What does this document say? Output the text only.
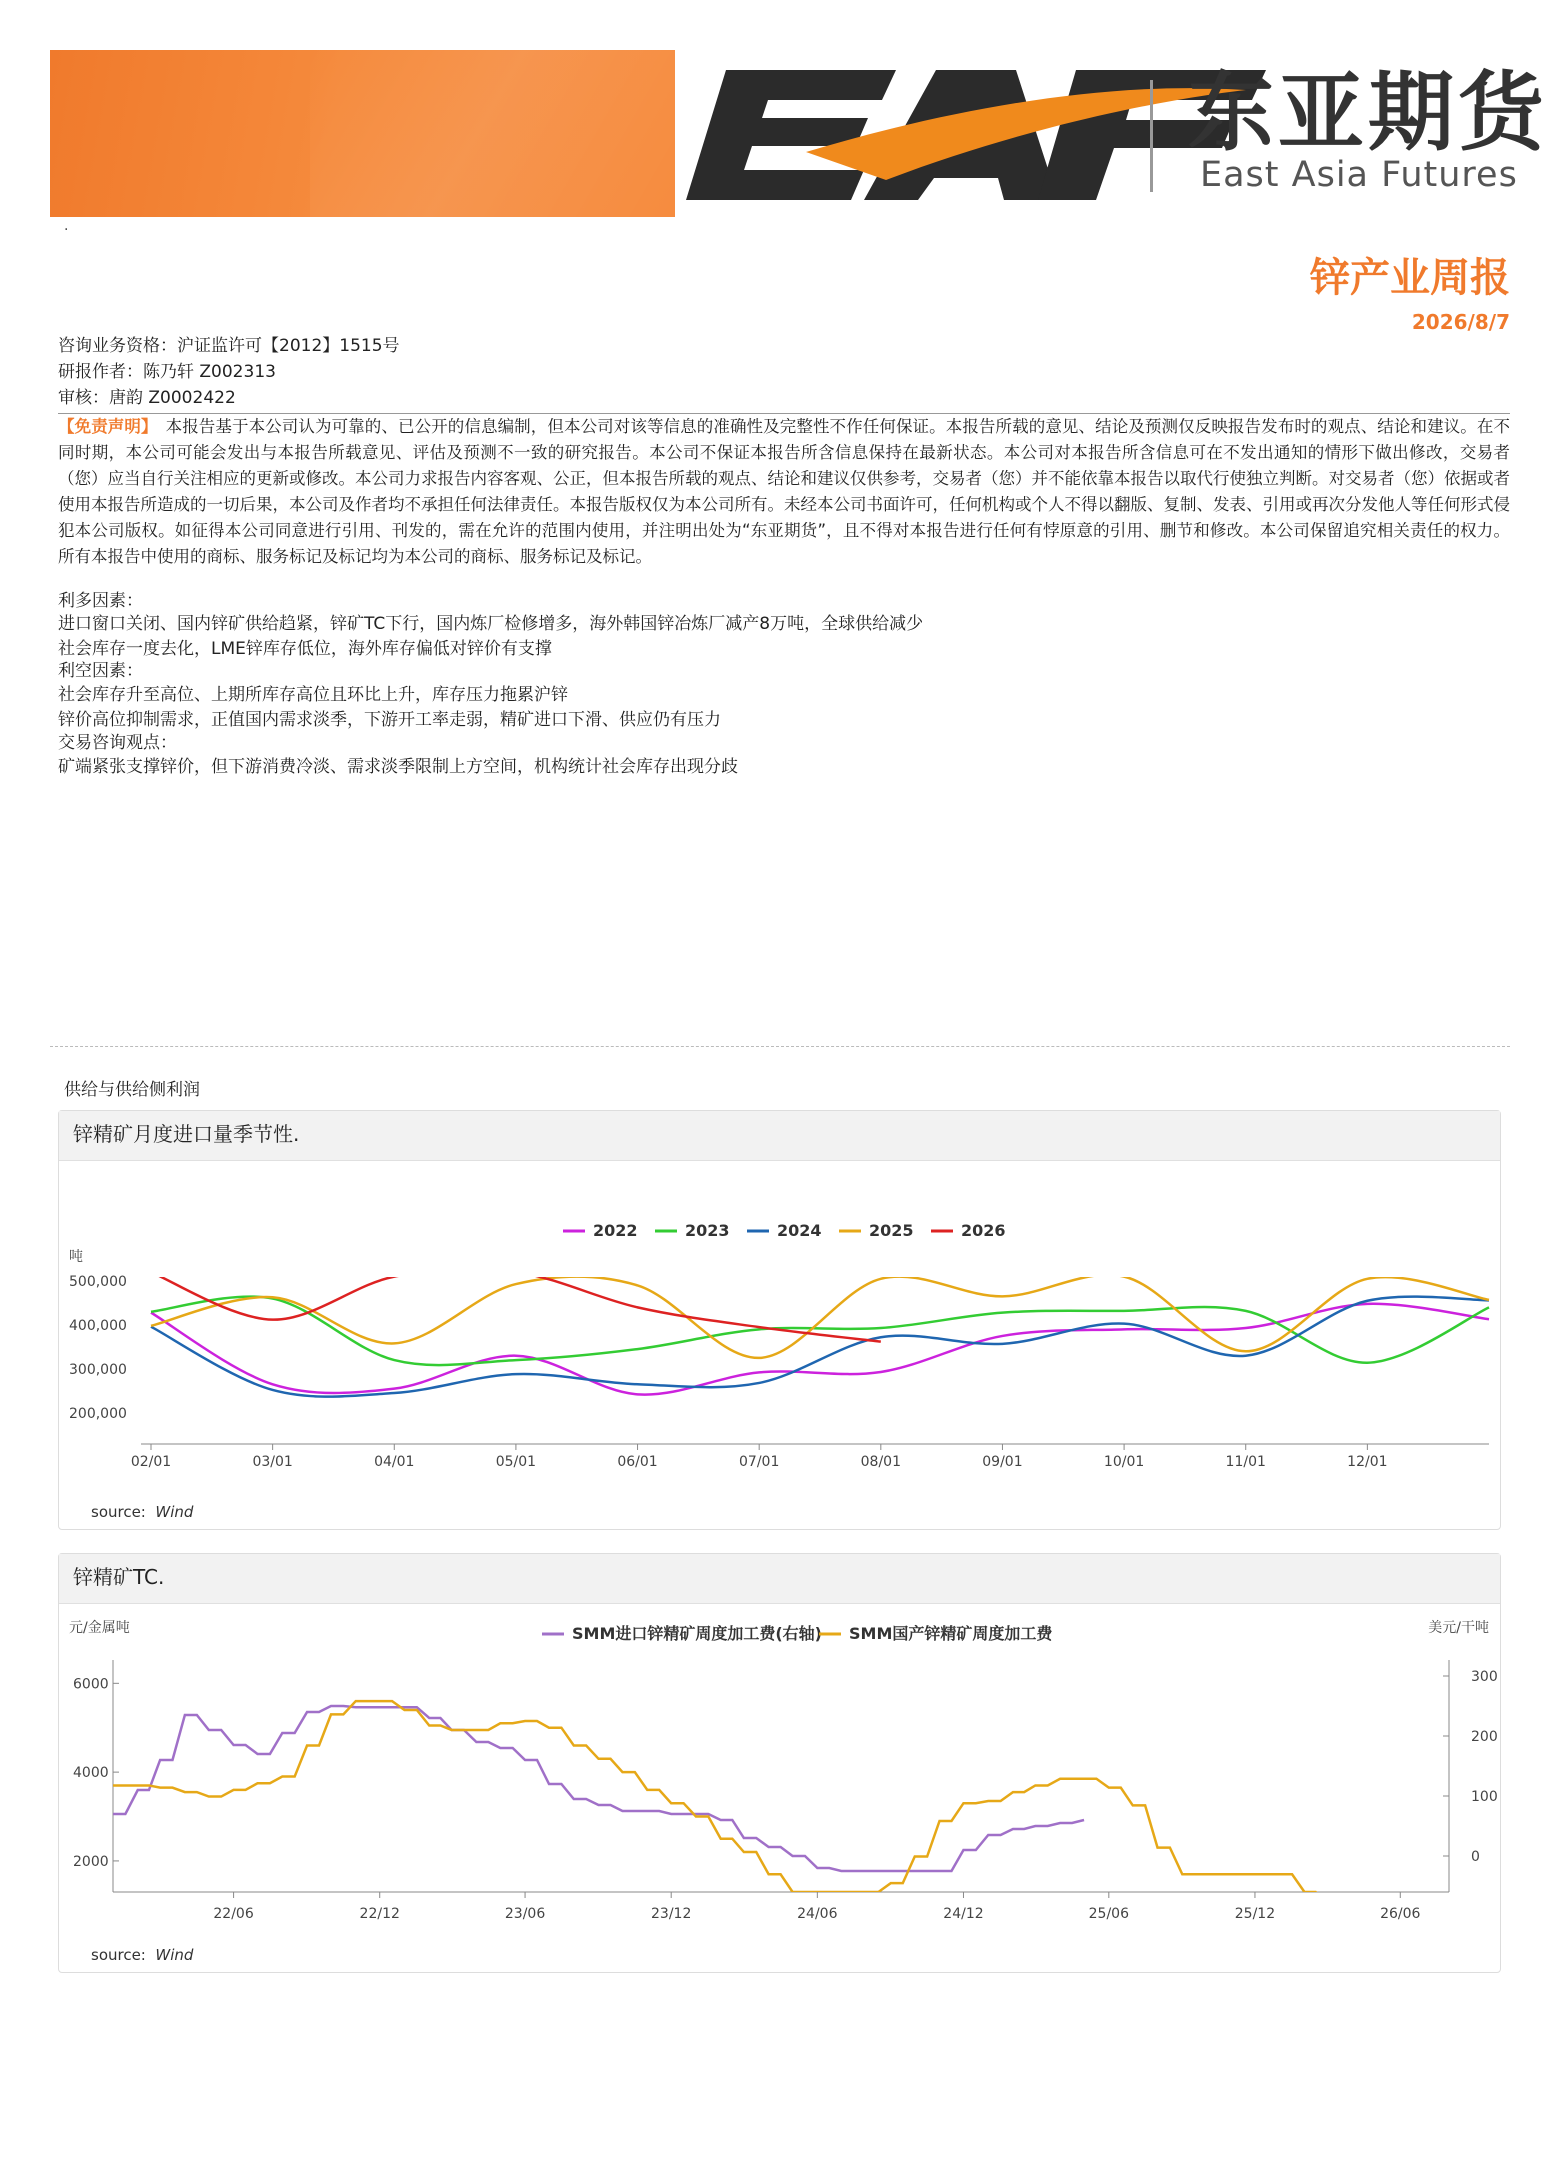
EAF	东亚期货
East Asia Futures
·
锌产业周报
2026/8/7
咨询业务资格：沪证监许可【2012】1515号
研报作者：陈乃轩 Z002313
审核：唐韵 Z0002422
【免责声明】 本报告基于本公司认为可靠的、已公开的信息编制，但本公司对该等信息的准确性及完整性不作任何保证。本报告所载的意见、结论及预测仅反映报告发布时的观点、结论和建议。在不同时期，本公司可能会发出与本报告所载意见、评估及预测不一致的研究报告。本公司不保证本报告所含信息保持在最新状态。本公司对本报告所含信息可在不发出通知的情形下做出修改，交易者（您）应当自行关注相应的更新或修改。本公司力求报告内容客观、公正，但本报告所载的观点、结论和建议仅供参考，交易者（您）并不能依靠本报告以取代行使独立判断。对交易者（您）依据或者使用本报告所造成的一切后果，本公司及作者均不承担任何法律责任。本报告版权仅为本公司所有。未经本公司书面许可，任何机构或个人不得以翻版、复制、发表、引用或再次分发他人等任何形式侵犯本公司版权。如征得本公司同意进行引用、刊发的，需在允许的范围内使用，并注明出处为“东亚期货”，且不得对本报告进行任何有悖原意的引用、删节和修改。本公司保留追究相关责任的权力。所有本报告中使用的商标、服务标记及标记均为本公司的商标、服务标记及标记。
利多因素：
进口窗口关闭、国内锌矿供给趋紧，锌矿TC下行，国内炼厂检修增多，海外韩国锌冶炼厂减产8万吨，全球供给减少
社会库存一度去化，LME锌库存低位，海外库存偏低对锌价有支撑
利空因素：
社会库存升至高位、上期所库存高位且环比上升，库存压力拖累沪锌
锌价高位抑制需求，正值国内需求淡季，下游开工率走弱，精矿进口下滑、供应仍有压力
交易咨询观点：
矿端紧张支撑锌价，但下游消费冷淡、需求淡季限制上方空间，机构统计社会库存出现分歧
供给与供给侧利润
锌精矿月度进口量季节性.
吨
200,000
300,000
400,000
500,000
02/01	03/01	04/01	05/01	06/01	07/01	08/01	09/01	10/01	11/01	12/01
2022	2023	2024	2025	2026
source: Wind
锌精矿TC.
元/金属吨	美元/干吨
2000
4000
6000
0
100
200
300
22/06	22/12	23/06	23/12	24/06	24/12	25/06	25/12	26/06
SMM进口锌精矿周度加工费(右轴) SMM国产锌精矿周度加工费
source: Wind
